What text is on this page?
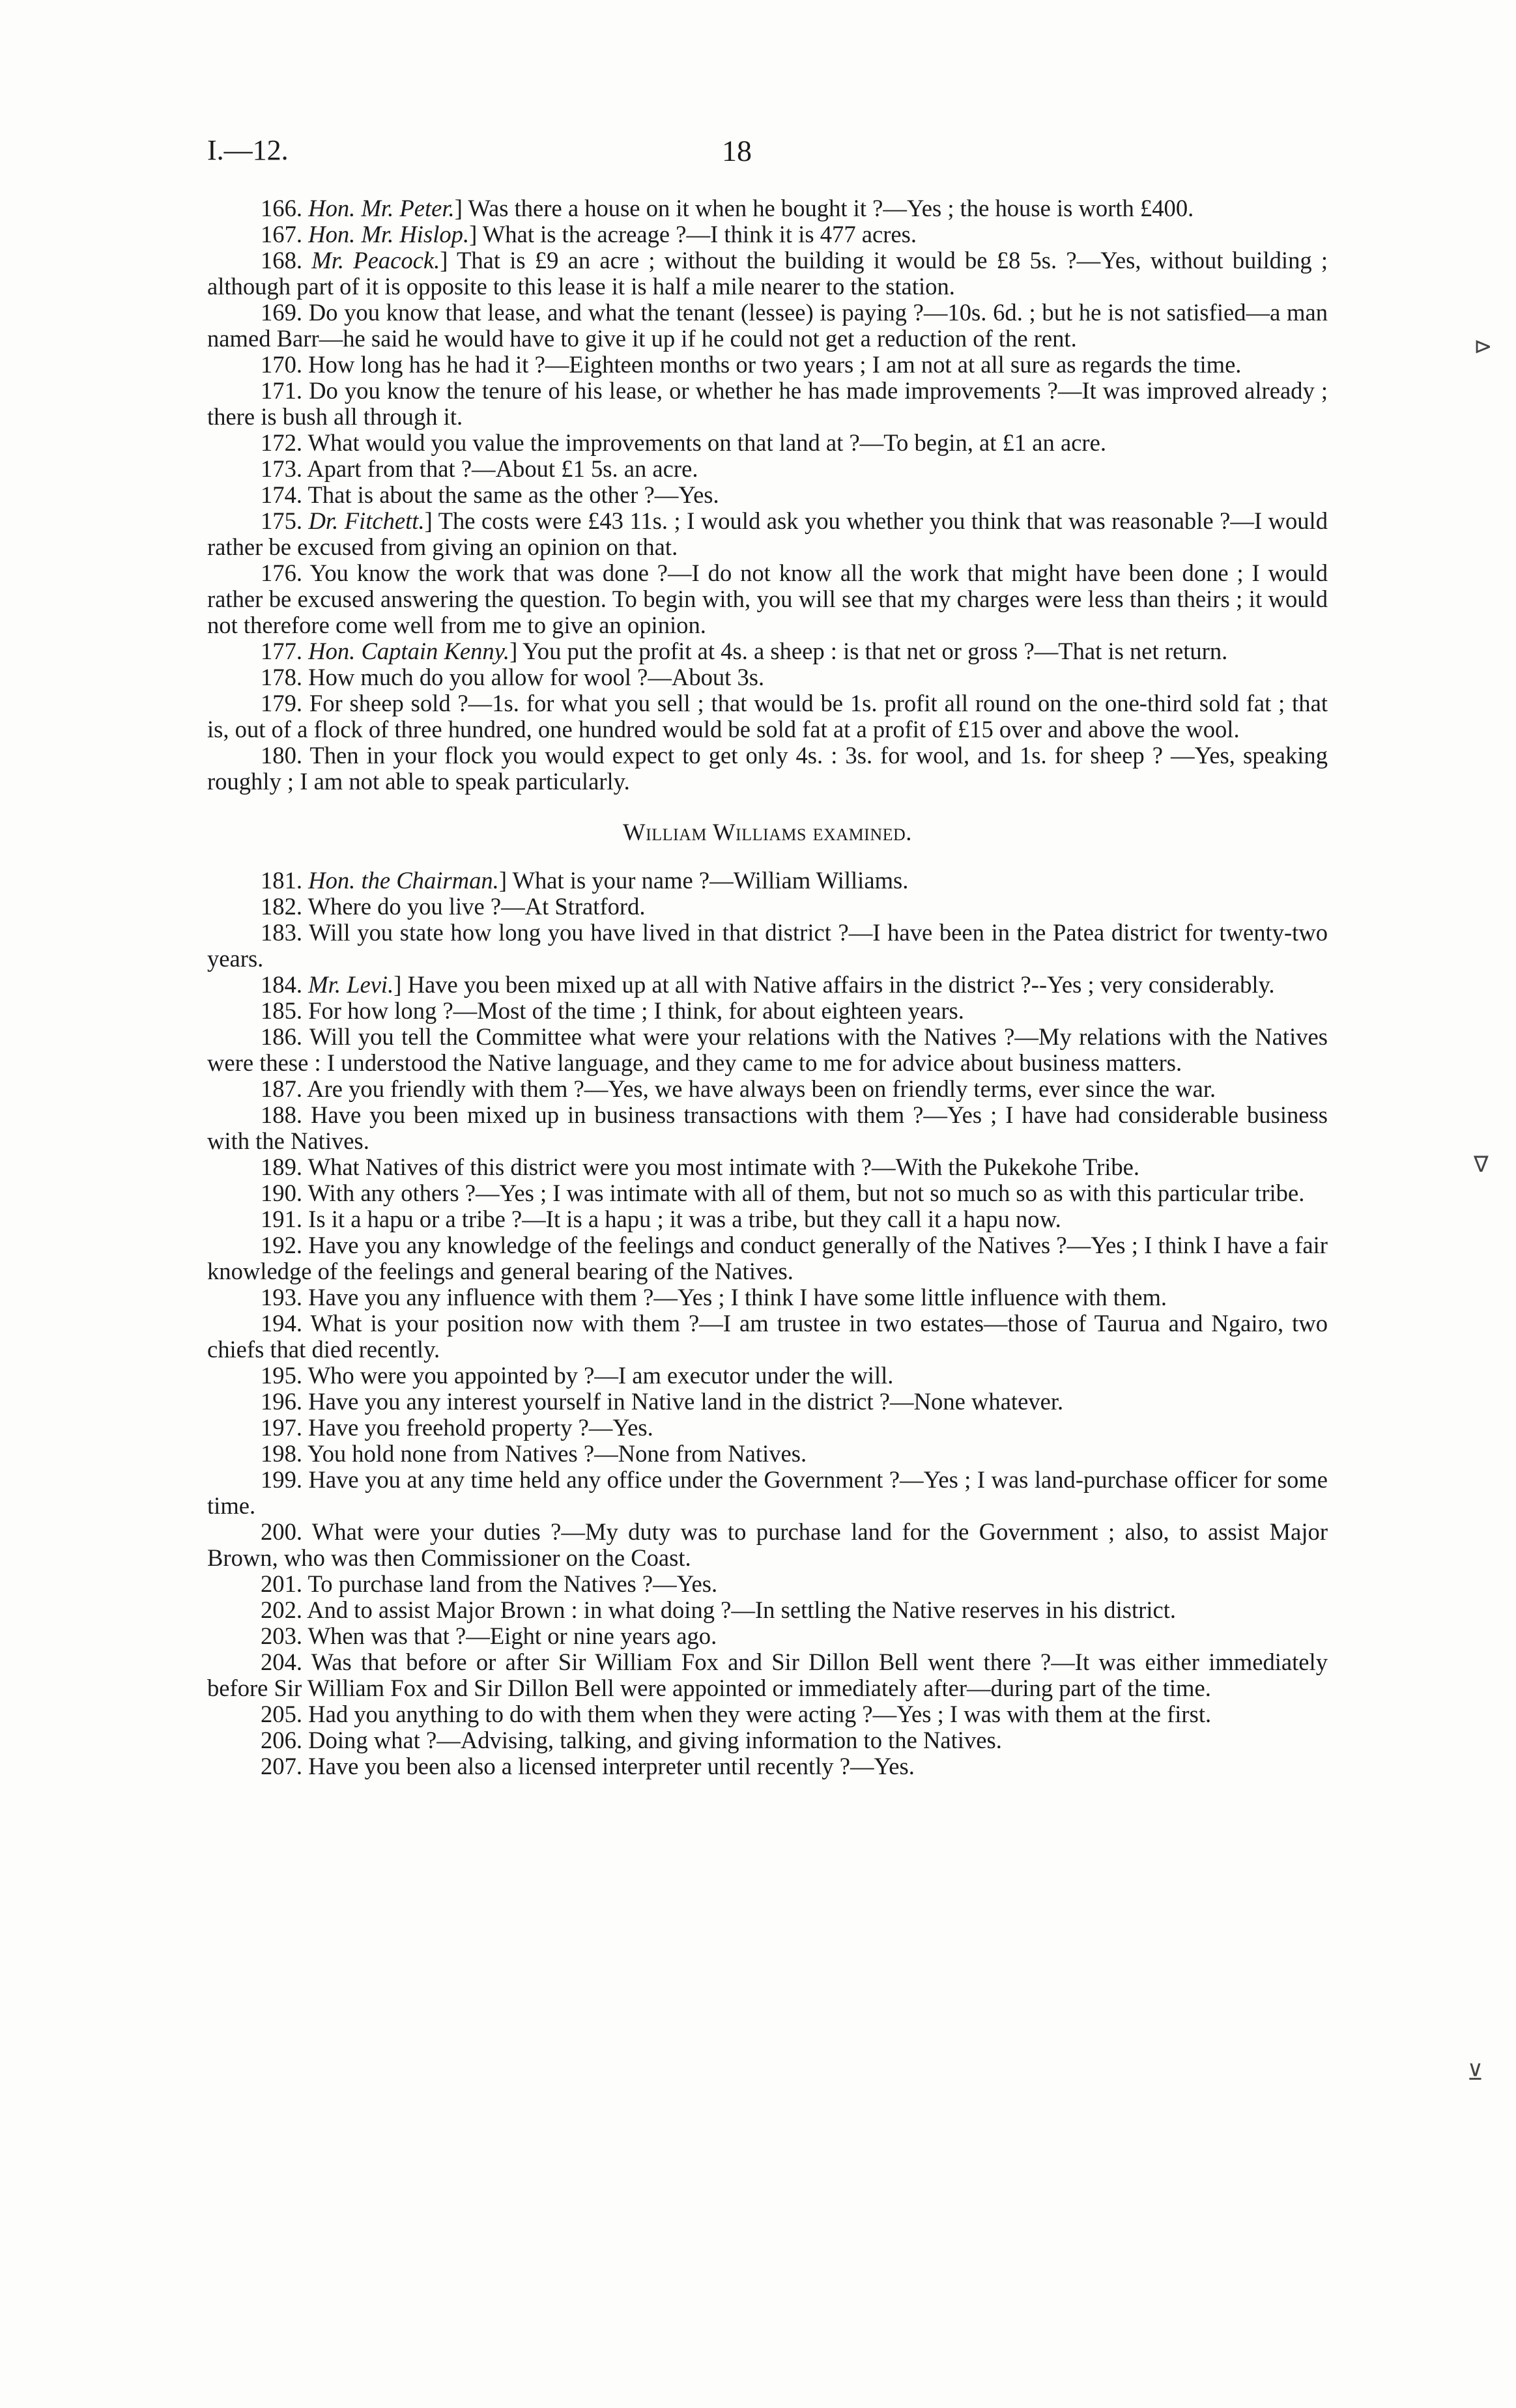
I.—12.	18

166. Hon. Mr. Peter.] Was there a house on it when he bought it ?—Yes ; the house is worth £400.

167. Hon. Mr. Hislop.] What is the acreage ?—I think it is 477 acres.

168. Mr. Peacock.] That is £9 an acre ; without the building it would be £8 5s. ?—Yes, without building ; although part of it is opposite to this lease it is half a mile nearer to the station.

169. Do you know that lease, and what the tenant (lessee) is paying ?—10s. 6d. ; but he is not satisfied—a man named Barr—he said he would have to give it up if he could not get a reduction of the rent.

170. How long has he had it ?—Eighteen months or two years ; I am not at all sure as regards the time.

171. Do you know the tenure of his lease, or whether he has made improvements ?—It was improved already ; there is bush all through it.

172. What would you value the improvements on that land at ?—To begin, at £1 an acre.

173. Apart from that ?—About £1 5s. an acre.

174. That is about the same as the other ?—Yes.

175. Dr. Fitchett.] The costs were £43 11s. ; I would ask you whether you think that was reasonable ?—I would rather be excused from giving an opinion on that.

176. You know the work that was done ?—I do not know all the work that might have been done ; I would rather be excused answering the question. To begin with, you will see that my charges were less than theirs ; it would not therefore come well from me to give an opinion.

177. Hon. Captain Kenny.] You put the profit at 4s. a sheep : is that net or gross ?—That is net return.

178. How much do you allow for wool ?—About 3s.

179. For sheep sold ?—1s. for what you sell ; that would be 1s. profit all round on the one-third sold fat ; that is, out of a flock of three hundred, one hundred would be sold fat at a profit of £15 over and above the wool.

180. Then in your flock you would expect to get only 4s. : 3s. for wool, and 1s. for sheep ? —Yes, speaking roughly ; I am not able to speak particularly.

William Williams examined.

181. Hon. the Chairman.] What is your name ?—William Williams.

182. Where do you live ?—At Stratford.

183. Will you state how long you have lived in that district ?—I have been in the Patea district for twenty-two years.

184. Mr. Levi.] Have you been mixed up at all with Native affairs in the district ?--Yes ; very considerably.

185. For how long ?—Most of the time ; I think, for about eighteen years.

186. Will you tell the Committee what were your relations with the Natives ?—My relations with the Natives were these : I understood the Native language, and they came to me for advice about business matters.

187. Are you friendly with them ?—Yes, we have always been on friendly terms, ever since the war.

188. Have you been mixed up in business transactions with them ?—Yes ; I have had considerable business with the Natives.

189. What Natives of this district were you most intimate with ?—With the Pukekohe Tribe.

190. With any others ?—Yes ; I was intimate with all of them, but not so much so as with this particular tribe.

191. Is it a hapu or a tribe ?—It is a hapu ; it was a tribe, but they call it a hapu now.

192. Have you any knowledge of the feelings and conduct generally of the Natives ?—Yes ; I think I have a fair knowledge of the feelings and general bearing of the Natives.

193. Have you any influence with them ?—Yes ; I think I have some little influence with them.

194. What is your position now with them ?—I am trustee in two estates—those of Taurua and Ngairo, two chiefs that died recently.

195. Who were you appointed by ?—I am executor under the will.

196. Have you any interest yourself in Native land in the district ?—None whatever.

197. Have you freehold property ?—Yes.

198. You hold none from Natives ?—None from Natives.

199. Have you at any time held any office under the Government ?—Yes ; I was land-purchase officer for some time.

200. What were your duties ?—My duty was to purchase land for the Government ; also, to assist Major Brown, who was then Commissioner on the Coast.

201. To purchase land from the Natives ?—Yes.

202. And to assist Major Brown : in what doing ?—In settling the Native reserves in his district.

203. When was that ?—Eight or nine years ago.

204. Was that before or after Sir William Fox and Sir Dillon Bell went there ?—It was either immediately before Sir William Fox and Sir Dillon Bell were appointed or immediately after—during part of the time.

205. Had you anything to do with them when they were acting ?—Yes ; I was with them at the first.

206. Doing what ?—Advising, talking, and giving information to the Natives.

207. Have you been also a licensed interpreter until recently ?—Yes.

⊳
∇
⊻
